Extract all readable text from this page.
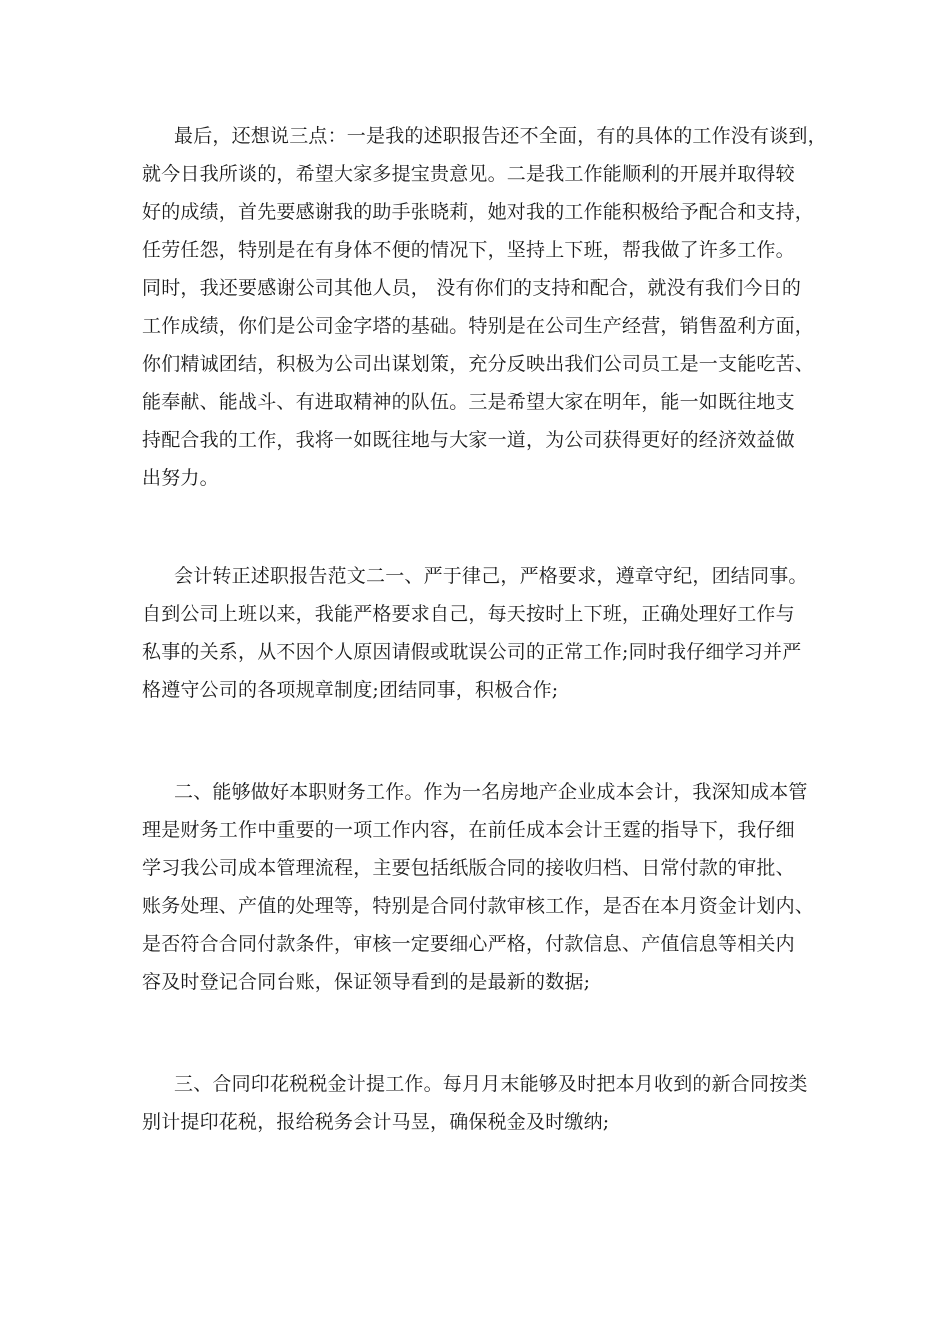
最后，还想说三点：一是我的述职报告还不全面，有的具体的工作没有谈到，
就今日我所谈的，希望大家多提宝贵意见。二是我工作能顺利的开展并取得较
好的成绩，首先要感谢我的助手张晓莉，她对我的工作能积极给予配合和支持，
任劳任怨，特别是在有身体不便的情况下，坚持上下班，帮我做了许多工作。
同时，我还要感谢公司其他人员， 没有你们的支持和配合，就没有我们今日的
工作成绩，你们是公司金字塔的基础。特别是在公司生产经营，销售盈利方面，
你们精诚团结，积极为公司出谋划策，充分反映出我们公司员工是一支能吃苦、
能奉献、能战斗、有进取精神的队伍。三是希望大家在明年，能一如既往地支
持配合我的工作，我将一如既往地与大家一道，为公司获得更好的经济效益做
出努力。
会计转正述职报告范文二一、严于律己，严格要求，遵章守纪，团结同事。
自到公司上班以来，我能严格要求自己，每天按时上下班，正确处理好工作与
私事的关系，从不因个人原因请假或耽误公司的正常工作;同时我仔细学习并严
格遵守公司的各项规章制度;团结同事，积极合作;
二、能够做好本职财务工作。作为一名房地产企业成本会计，我深知成本管
理是财务工作中重要的一项工作内容，在前任成本会计王霆的指导下，我仔细
学习我公司成本管理流程，主要包括纸版合同的接收归档、日常付款的审批、
账务处理、产值的处理等，特别是合同付款审核工作，是否在本月资金计划内、
是否符合合同付款条件，审核一定要细心严格，付款信息、产值信息等相关内
容及时登记合同台账，保证领导看到的是最新的数据;
三、合同印花税税金计提工作。每月月末能够及时把本月收到的新合同按类
别计提印花税，报给税务会计马昱，确保税金及时缴纳;
